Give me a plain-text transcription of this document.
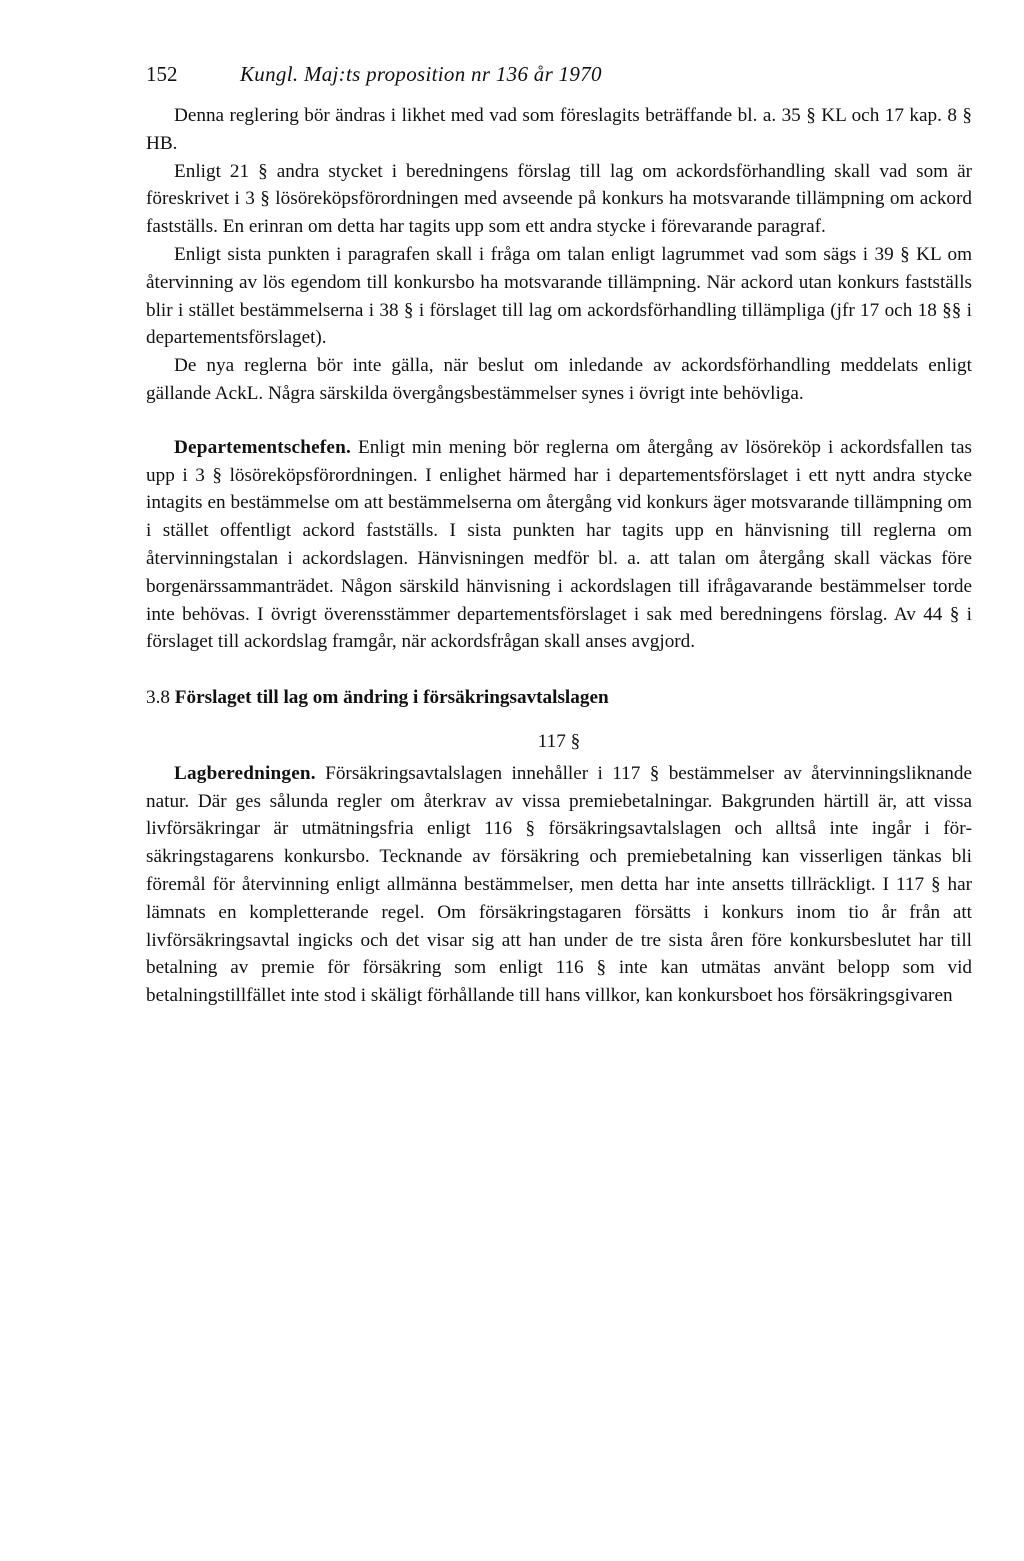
152	Kungl. Maj:ts proposition nr 136 år 1970

Denna reglering bör ändras i likhet med vad som föreslagits beträffande bl. a. 35 § KL och 17 kap. 8 § HB.

Enligt 21 § andra stycket i beredningens förslag till lag om ackordsförhandling skall vad som är föreskrivet i 3 § lösöreköpsförordningen med avseende på konkurs ha motsvarande tillämpning om ackord fastställs. En erinran om detta har tagits upp som ett andra stycke i förevarande paragraf.

Enligt sista punkten i paragrafen skall i fråga om talan enligt lagrummet vad som sägs i 39 § KL om återvinning av lös egendom till konkursbo ha motsvarande tillämpning. När ackord utan konkurs fastställs blir i stället bestämmelserna i 38 § i förslaget till lag om ackordsförhandling tillämpliga (jfr 17 och 18 §§ i departementsförslaget).

De nya reglerna bör inte gälla, när beslut om inledande av ackordsförhandling meddelats enligt gällande AckL. Några särskilda övergångsbestämmelser synes i övrigt inte behövliga.

Departementschefen. Enligt min mening bör reglerna om återgång av lösöreköp i ackordsfallen tas upp i 3 § lösöreköpsförordningen. I enlighet härmed har i departementsförslaget i ett nytt andra stycke intagits en bestämmelse om att bestämmelserna om återgång vid konkurs äger motsvarande tillämpning om i stället offentligt ackord fastställs. I sista punkten har tagits upp en hänvisning till reglerna om återvinningstalan i ackordslagen. Hänvisningen medför bl. a. att talan om återgång skall väckas före borgenärssammanträdet. Någon särskild hänvisning i ackordslagen till ifrågavarande bestämmelser torde inte behövas. I övrigt överensstämmer departementsförslaget i sak med beredningens förslag. Av 44 § i förslaget till ackordslag framgår, när ackordsfrågan skall anses avgjord.

3.8 Förslaget till lag om ändring i försäkringsavtalslagen
117 §

Lagberedningen. Försäkringsavtalslagen innehåller i 117 § bestämmelser av återvinningsliknande natur. Där ges sålunda regler om återkrav av vissa premiebetalningar. Bakgrunden härtill är, att vissa livförsäkringar är utmätningsfria enligt 116 § försäkringsavtalslagen och alltså inte ingår i försäkringstagarens konkursbo. Tecknande av försäkring och premiebetalning kan visserligen tänkas bli föremål för återvinning enligt allmänna bestämmelser, men detta har inte ansetts tillräckligt. I 117 § har lämnats en kompletterande regel. Om försäkringstagaren försätts i konkurs inom tio år från att livförsäkringsavtal ingicks och det visar sig att han under de tre sista åren före konkursbeslutet har till betalning av premie för försäkring som enligt 116 § inte kan utmätas använt belopp som vid betalningstillfället inte stod i skäligt förhållande till hans villkor, kan konkursboet hos försäkringsgivaren
